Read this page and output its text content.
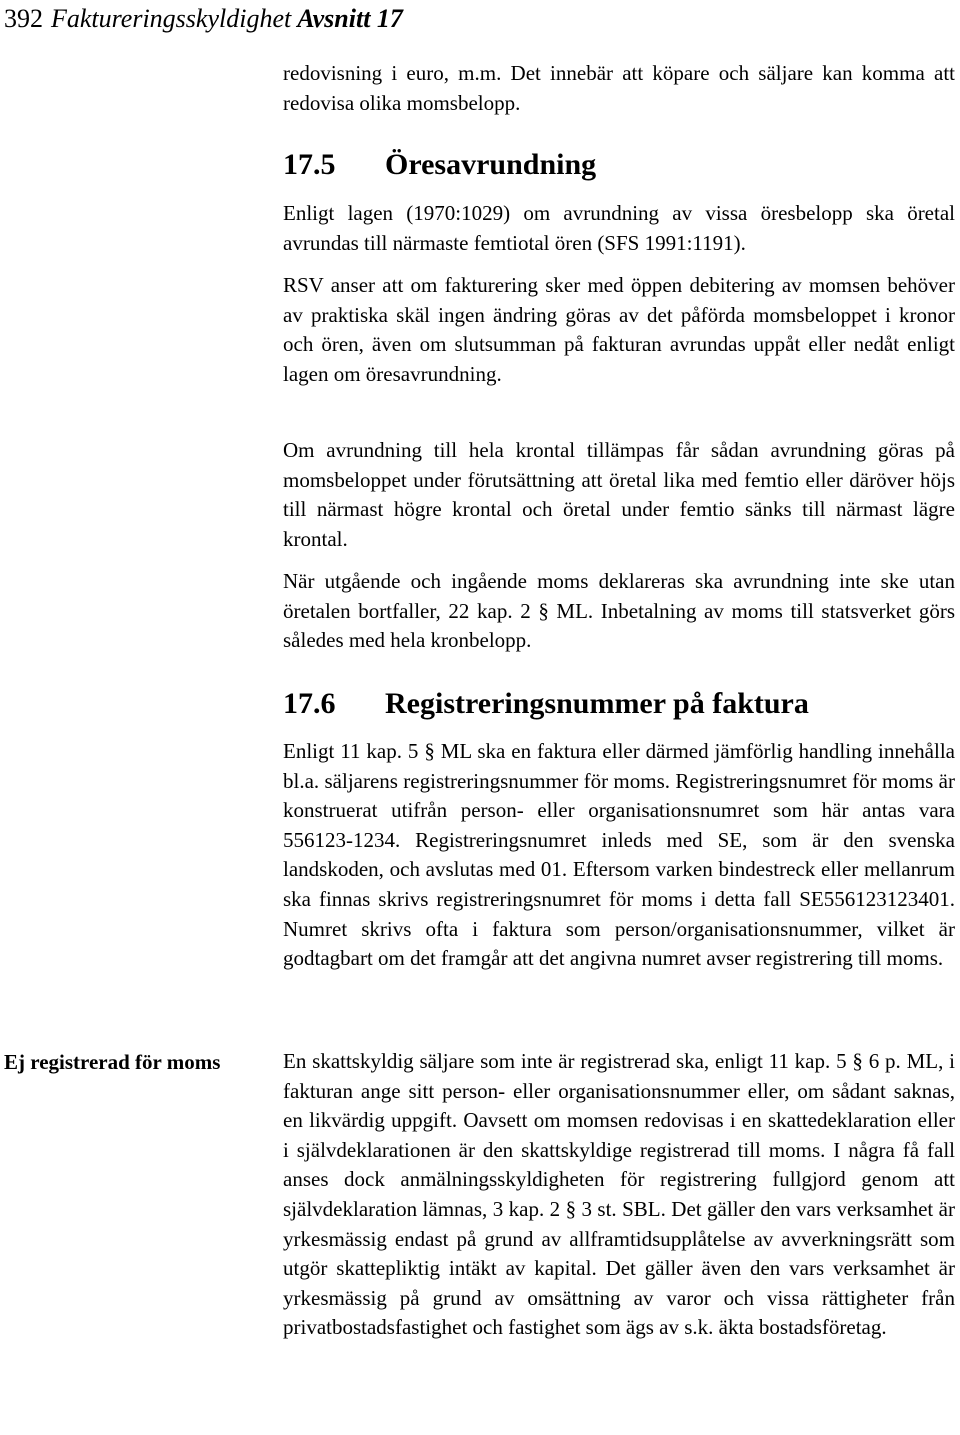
392 Faktureringsskyldighet Avsnitt 17

redovisning i euro, m.m. Det innebär att köpare och säljare kan komma att redovisa olika momsbelopp.

17.5 Öresavrundning

Enligt lagen (1970:1029) om avrundning av vissa öresbelopp ska öretal avrundas till närmaste femtiotal ören (SFS 1991:1191).

RSV anser att om fakturering sker med öppen debitering av momsen behöver av praktiska skäl ingen ändring göras av det påförda momsbeloppet i kronor och ören, även om slutsumman på fakturan avrundas uppåt eller nedåt enligt lagen om öresavrundning.

Om avrundning till hela krontal tillämpas får sådan avrundning göras på momsbeloppet under förutsättning att öretal lika med femtio eller däröver höjs till närmast högre krontal och öretal under femtio sänks till närmast lägre krontal.

När utgående och ingående moms deklareras ska avrundning inte ske utan öretalen bortfaller, 22 kap. 2 § ML. Inbetalning av moms till statsverket görs således med hela kronbelopp.

17.6 Registreringsnummer på faktura

Enligt 11 kap. 5 § ML ska en faktura eller därmed jämförlig handling innehålla bl.a. säljarens registreringsnummer för moms. Registreringsnumret för moms är konstruerat utifrån person- eller organisationsnumret som här antas vara 556123-1234. Registreringsnumret inleds med SE, som är den svenska landskoden, och avslutas med 01. Eftersom varken bindestreck eller mellanrum ska finnas skrivs registreringsnumret för moms i detta fall SE556123123401. Numret skrivs ofta i faktura som person/organisationsnummer, vilket är godtagbart om det framgår att det angivna numret avser registrering till moms.

En skattskyldig säljare som inte är registrerad ska, enligt 11 kap. 5 § 6 p. ML, i fakturan ange sitt person- eller organisationsnummer eller, om sådant saknas, en likvärdig uppgift. Oavsett om momsen redovisas i en skattedeklaration eller i självdeklarationen är den skattskyldige registrerad till moms. I några få fall anses dock anmälningsskyldigheten för registrering fullgjord genom att självdeklaration lämnas, 3 kap. 2 § 3 st. SBL. Det gäller den vars verksamhet är yrkesmässig endast på grund av allframtidsupplåtelse av avverkningsrätt som utgör skattepliktig intäkt av kapital. Det gäller även den vars verksamhet är yrkesmässig på grund av omsättning av varor och vissa rättigheter från privatbostadsfastighet och fastighet som ägs av s.k. äkta bostadsföretag.

Ej registrerad för moms
